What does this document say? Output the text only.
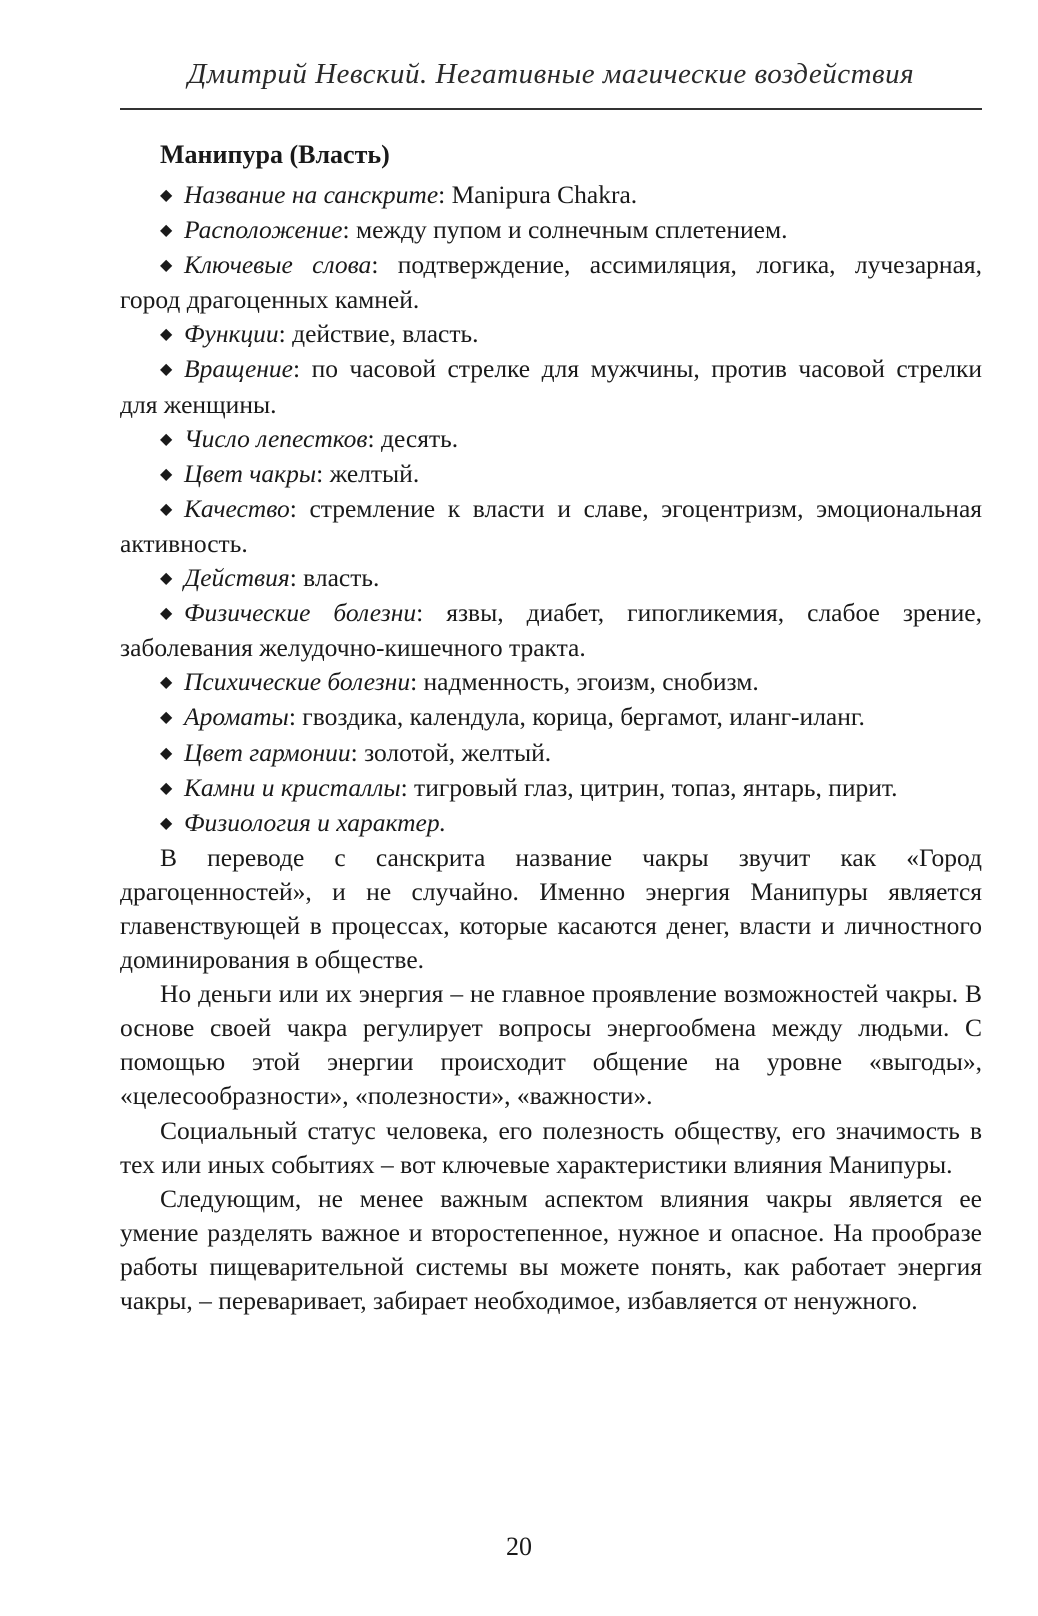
Дмитрий Невский. Негативные магические воздействия
Манипура (Власть)
◆ Название на санскрите: Manipura Chakra.
◆ Расположение: между пупом и солнечным сплетением.
◆ Ключевые слова: подтверждение, ассимиляция, логика, лучезарная, город драгоценных камней.
◆ Функции: действие, власть.
◆ Вращение: по часовой стрелке для мужчины, против часовой стрелки для женщины.
◆ Число лепестков: десять.
◆ Цвет чакры: желтый.
◆ Качество: стремление к власти и славе, эгоцентризм, эмоциональная активность.
◆ Действия: власть.
◆ Физические болезни: язвы, диабет, гипогликемия, слабое зрение, заболевания желудочно-кишечного тракта.
◆ Психические болезни: надменность, эгоизм, снобизм.
◆ Ароматы: гвоздика, календула, корица, бергамот, иланг-иланг.
◆ Цвет гармонии: золотой, желтый.
◆ Камни и кристаллы: тигровый глаз, цитрин, топаз, янтарь, пирит.
◆ Физиология и характер.

В переводе с санскрита название чакры звучит как «Город драгоценностей», и не случайно. Именно энергия Манипуры является главенствующей в процессах, которые касаются денег, власти и личностного доминирования в обществе.

Но деньги или их энергия – не главное проявление возможностей чакры. В основе своей чакра регулирует вопросы энергообмена между людьми. С помощью этой энергии происходит общение на уровне «выгоды», «целесообразности», «полезности», «важности».

Социальный статус человека, его полезность обществу, его значимость в тех или иных событиях – вот ключевые характеристики влияния Манипуры.

Следующим, не менее важным аспектом влияния чакры является ее умение разделять важное и второстепенное, нужное и опасное. На прообразе работы пищеварительной системы вы можете понять, как работает энергия чакры, – переваривает, забирает необходимое, избавляется от ненужного.

20
